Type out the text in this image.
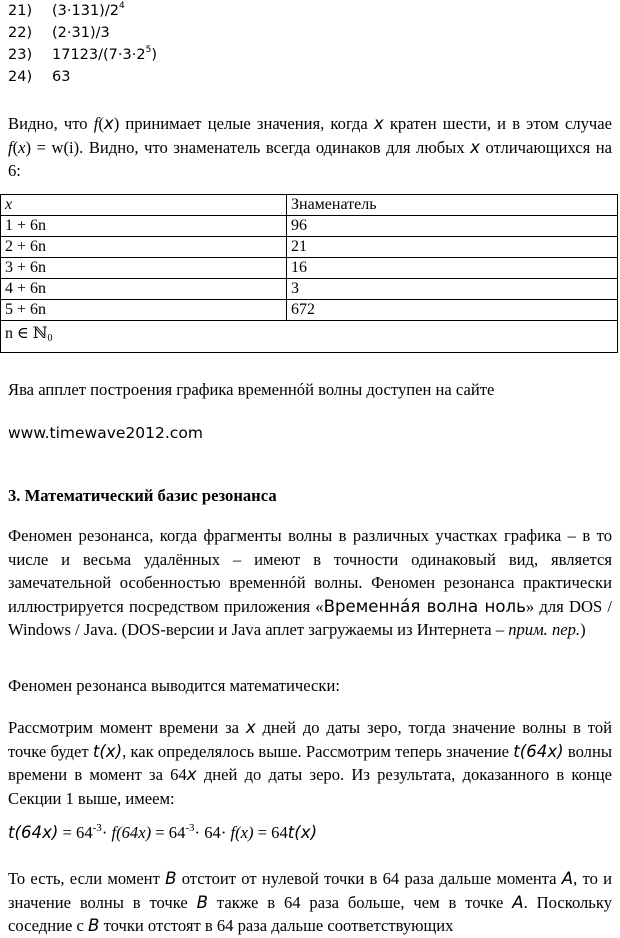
21) $(3\cdot 131)/2^4$
22) (2·31)/3
23) $17123/(7\cdot 3\cdot 2^5)$
24) 63
Видно, что f(x) принимает целые значения, когда x кратен шести, и в этом случае f(x) = w(i). Видно, что знаменатель всегда одинаков для любых x отличающихся на 6:
x	Знаменатель
1 + 6n	96
2 + 6n	21
3 + 6n	16
4 + 6n	3
5 + 6n	672
n ∈ ℕ$_0$
Ява апплет построения графика временнóй волны доступен на сайте
www.timewave2012.com
3. Математический базис резонанса
Феномен резонанса, когда фрагменты волны в различных участках графика – в то числе и весьма удалённых – имеют в точности одинаковый вид, является замечательной особенностью временнóй волны. Феномен резонанса практически иллюстрируется посредством приложения «Временнáя волна ноль» для DOS / Windows / Java. (DOS-версии и Java аплет загружаемы из Интернета – прим. пер.)
Феномен резонанса выводится математически:
Рассмотрим момент времени за x дней до даты зеро, тогда значение волны в той точке будет t(x), как определялось выше. Рассмотрим теперь значение t(64x) волны времени в момент за 64x дней до даты зеро. Из результата, доказанного в конце Секции 1 выше, имеем:
$t(64x) = 64^{-3}\cdot f(64x) = 64^{-3}\cdot 64\cdot f(x) = 64t(x)$
То есть, если момент B отстоит от нулевой точки в 64 раза дальше момента A, то и значение волны в точке B также в 64 раза больше, чем в точке A. Поскольку соседние с B точки отстоят в 64 раза дальше соответствующих
